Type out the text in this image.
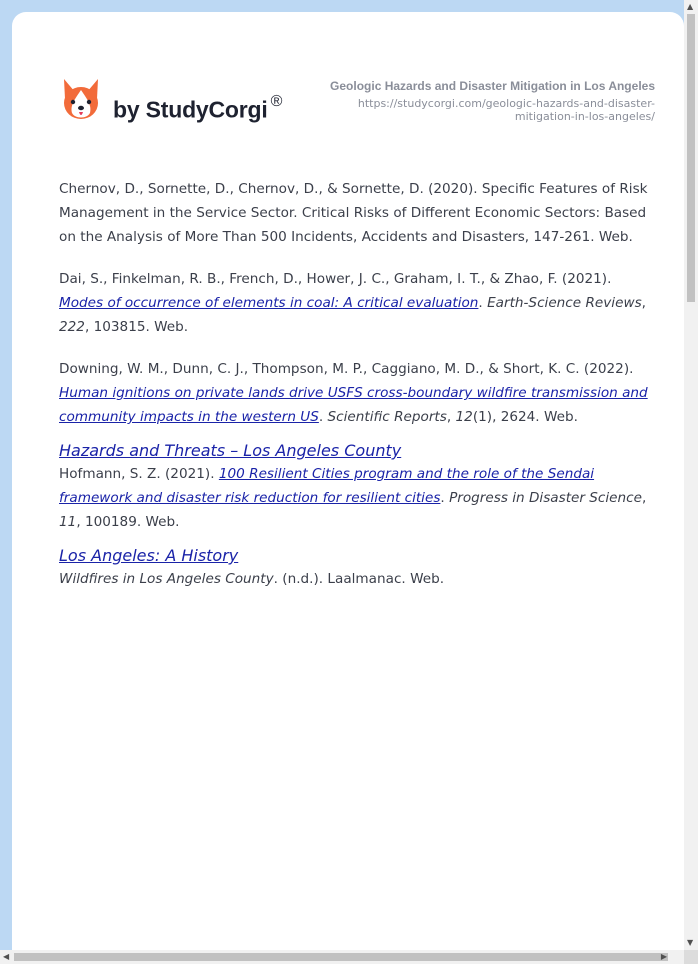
by StudyCorgi ®
Geologic Hazards and Disaster Mitigation in Los Angeles
https://studycorgi.com/geologic-hazards-and-disaster-mitigation-in-los-angeles/

Chernov, D., Sornette, D., Chernov, D., & Sornette, D. (2020). Specific Features of Risk Management in the Service Sector. Critical Risks of Different Economic Sectors: Based on the Analysis of More Than 500 Incidents, Accidents and Disasters, 147-261. Web.

Dai, S., Finkelman, R. B., French, D., Hower, J. C., Graham, I. T., & Zhao, F. (2021).
Modes of occurrence of elements in coal: A critical evaluation. Earth-Science Reviews, 222, 103815. Web.

Downing, W. M., Dunn, C. J., Thompson, M. P., Caggiano, M. D., & Short, K. C. (2022).
Human ignitions on private lands drive USFS cross-boundary wildfire transmission and community impacts in the western US. Scientific Reports, 12(1), 2624. Web.

Hazards and Threats – Los Angeles County

Hofmann, S. Z. (2021). 100 Resilient Cities program and the role of the Sendai framework and disaster risk reduction for resilient cities. Progress in Disaster Science, 11, 100189. Web.

Los Angeles: A History

Wildfires in Los Angeles County. (n.d.). Laalmanac. Web.

▲
▼
◀	▶
